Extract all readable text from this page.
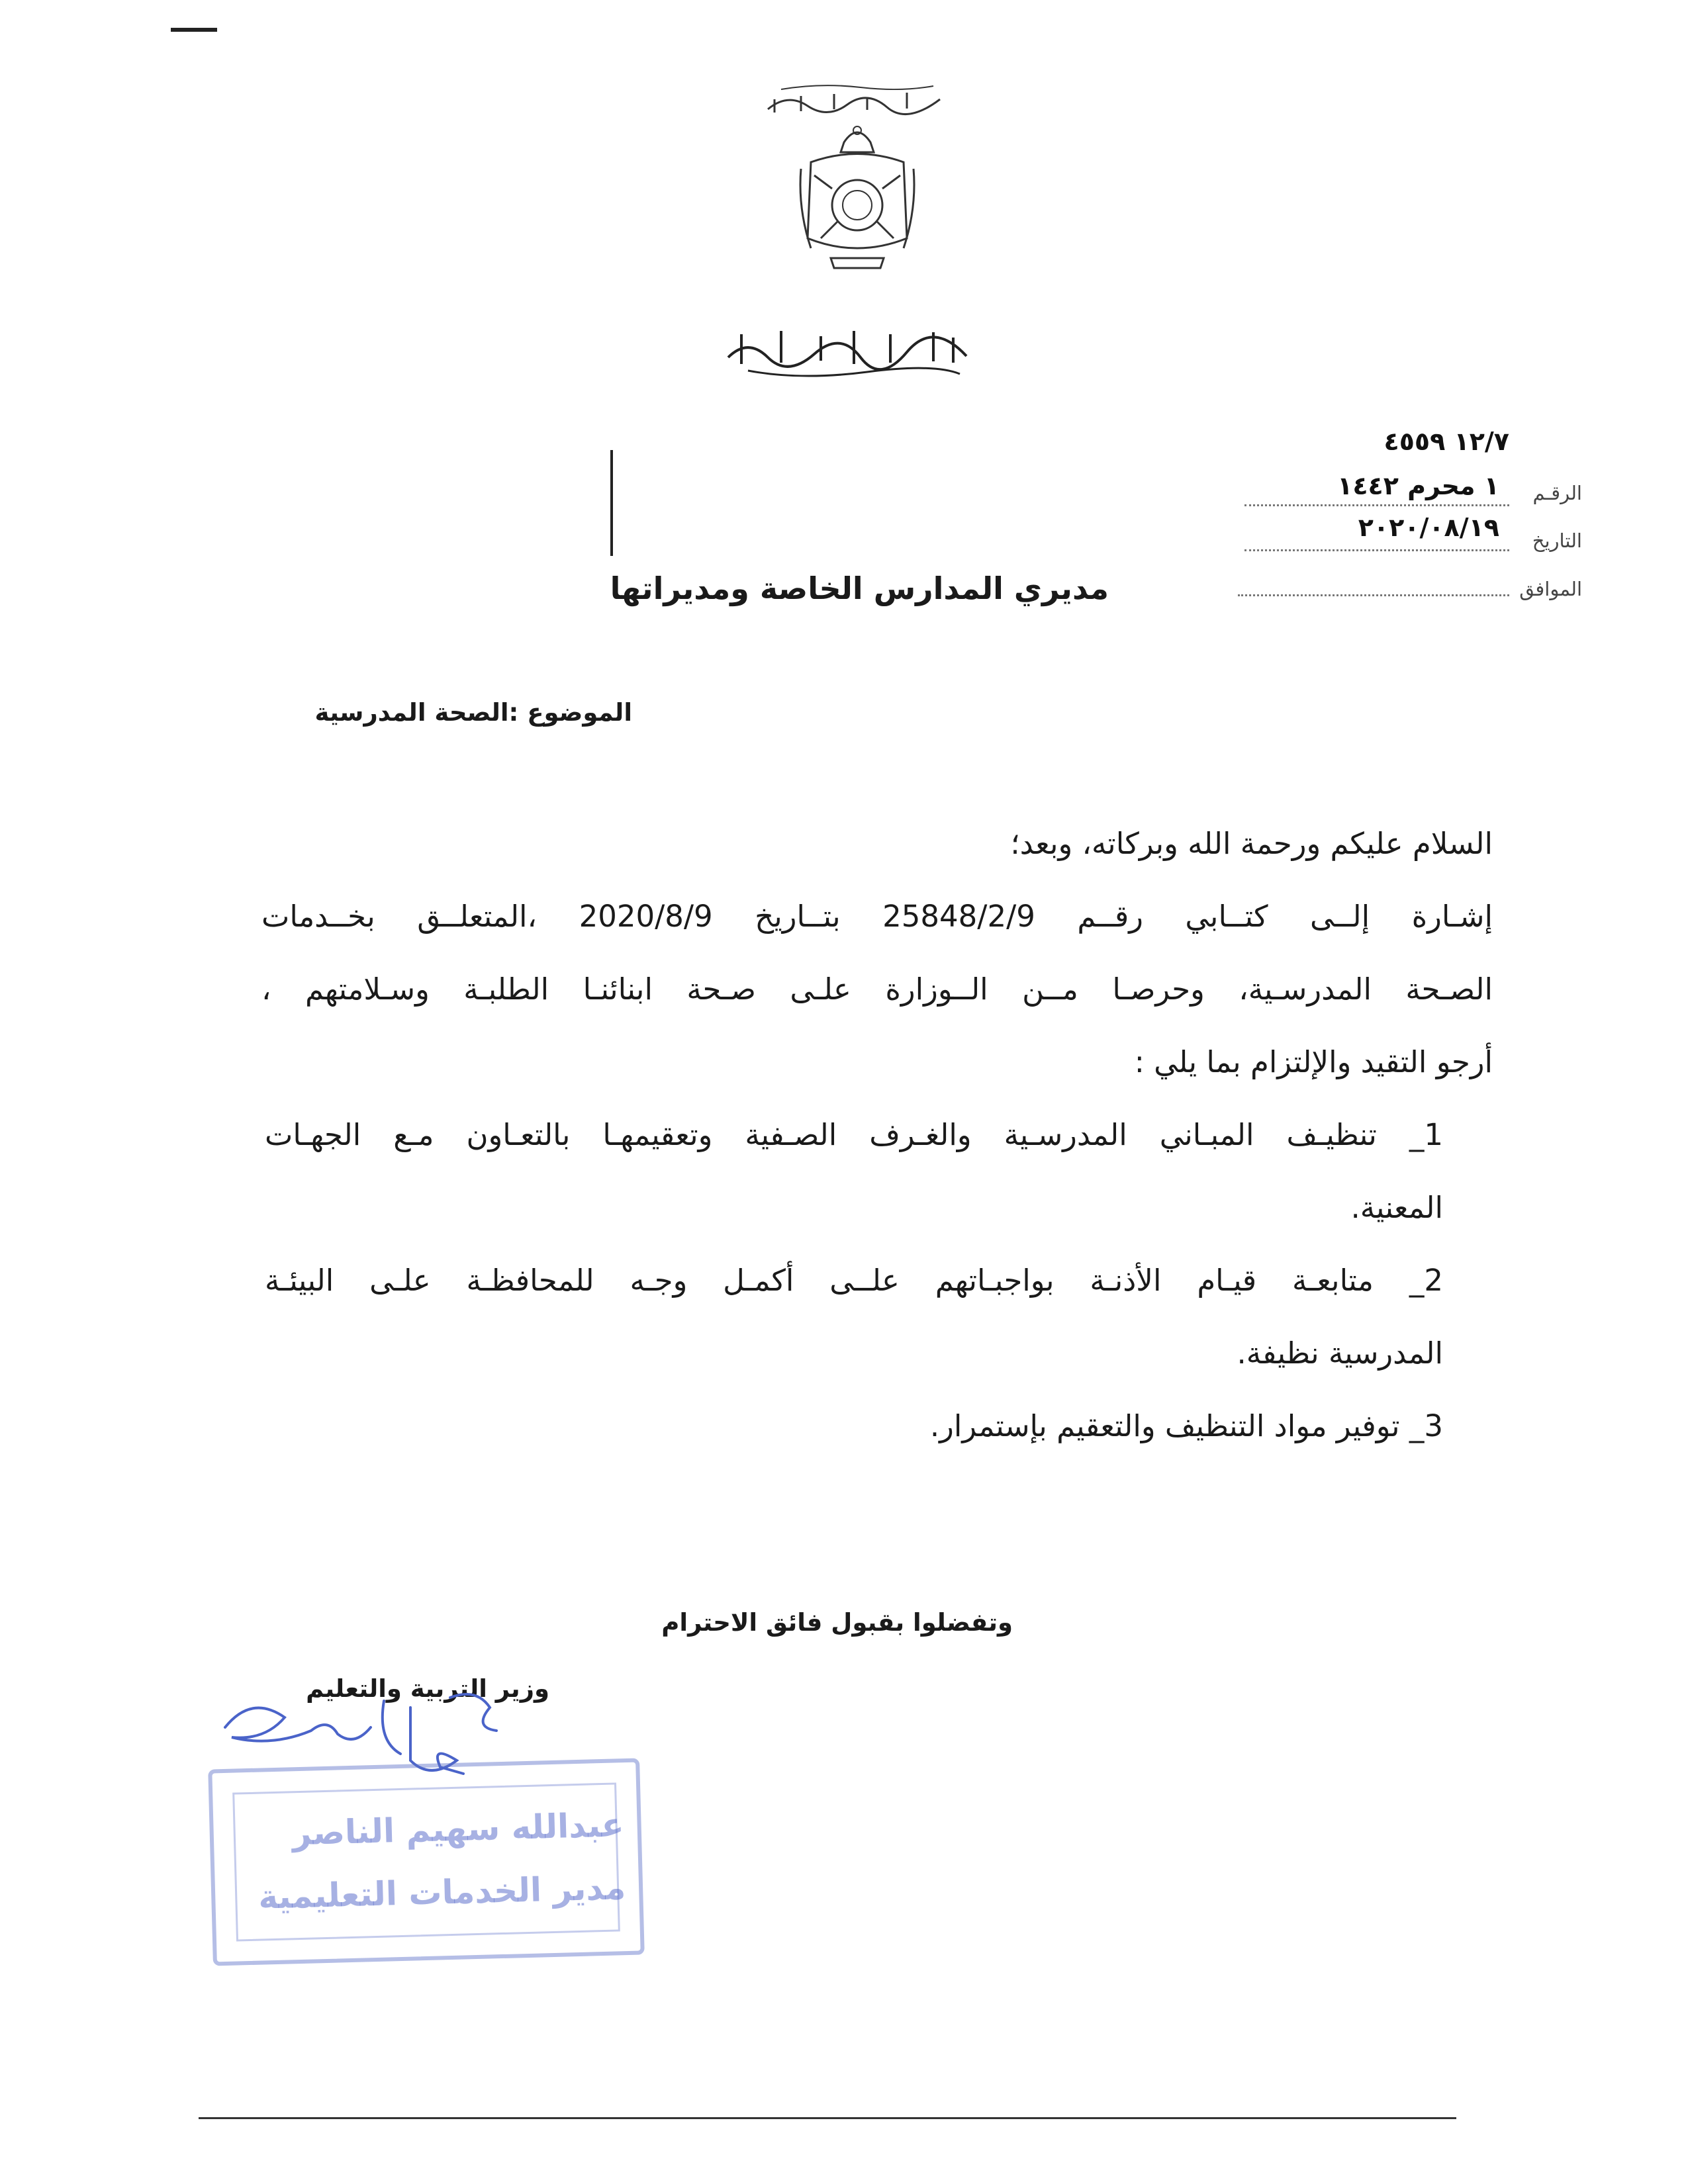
١٢/٧ ٤٥٥٩
الرقـم
١ محرم ١٤٤٢
التاريخ
٢٠٢٠/٠٨/١٩
الموافق
مديري المدارس الخاصة ومديراتها
الموضوع :الصحة المدرسية
السلام عليكم ورحمة الله وبركاته، وبعد؛
إشـارة إلــى كتــابي رقــم 25848/2/9 بتــاريخ 2020/8/9 ،المتعلــق بخــدمات
الصـحة المدرسـية، وحرصـا مــن الــوزارة علـى صـحة ابنائنـا الطلبـة وسـلامتهم ،
أرجو التقيد والإلتزام بما يلي :
1_ تنظيـف المبـاني المدرسـية والغـرف الصـفية وتعقيمهـا بالتعـاون مـع الجهـات
المعنية.
2_ متابعـة قيـام الأذنـة بواجبـاتهم علــى أكمـل وجـه للمحافظـة علـى البيئـة
المدرسية نظيفة.
3_ توفير مواد التنظيف والتعقيم بإستمرار.
وتفضلوا بقبول فائق الاحترام
وزير التربية والتعليم
عبدالله سهيم الناصر
مدير الخدمات التعليمية
